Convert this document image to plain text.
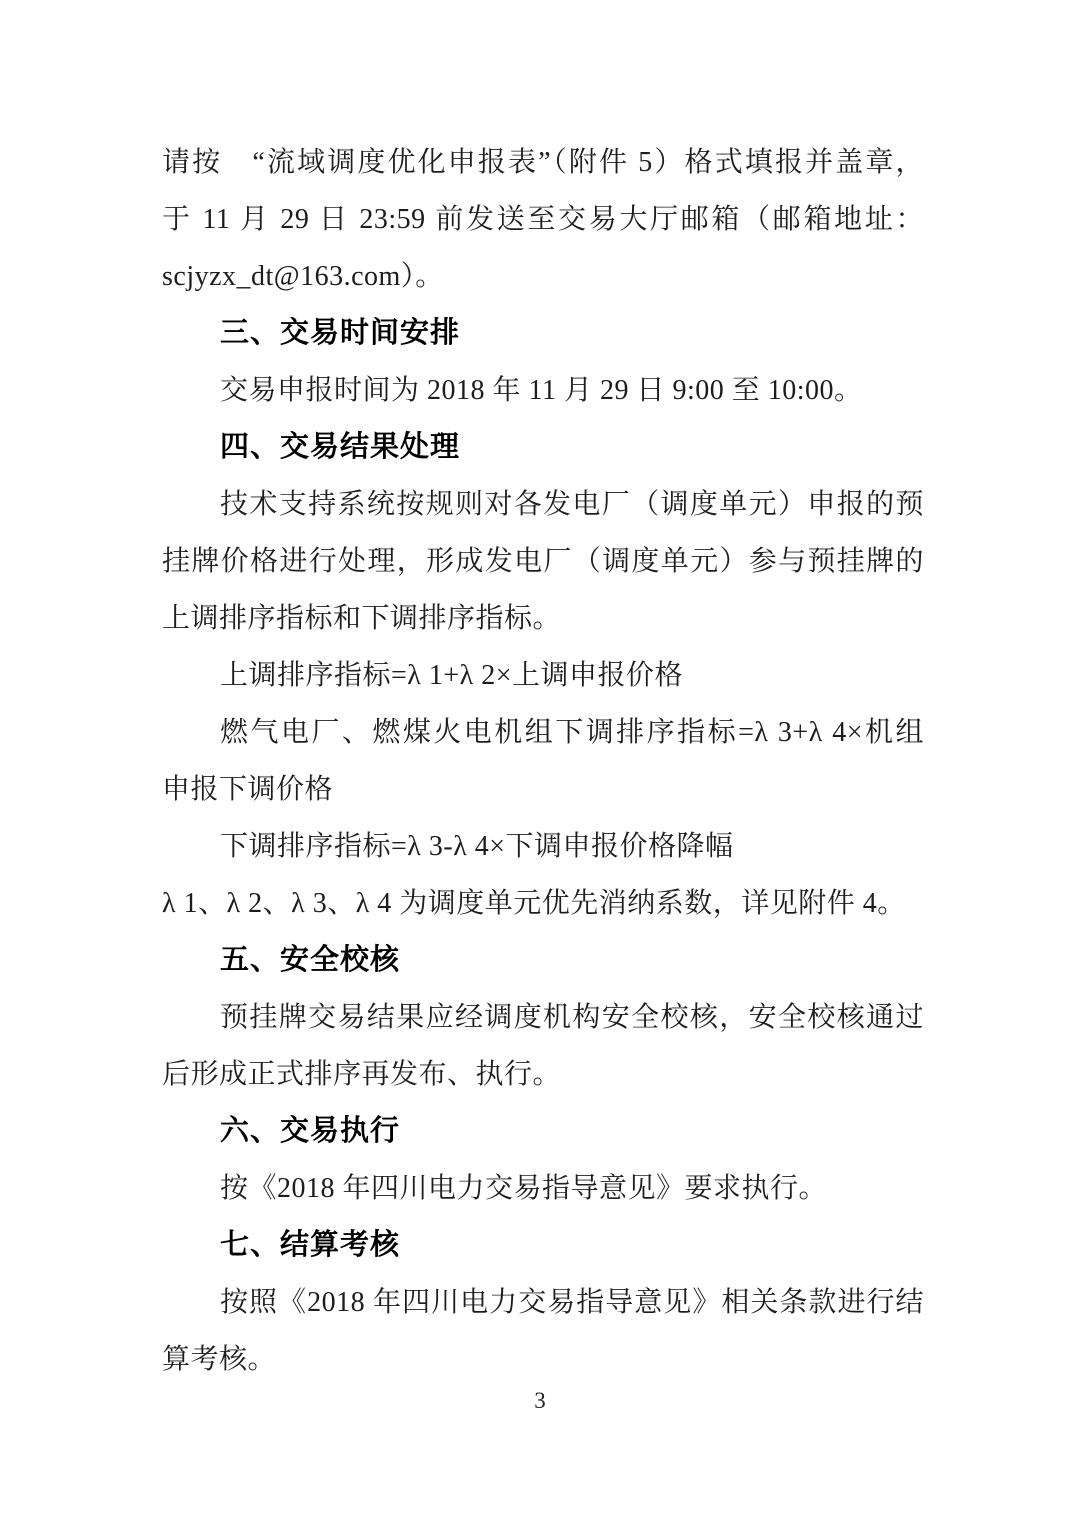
请按　“流域调度优化申报表”（附件 5）格式填报并盖章，
于 11 月 29 日 23:59 前发送至交易大厅邮箱（邮箱地址：
scjyzx_dt@163.com）。
三、交易时间安排
交易申报时间为 2018 年 11 月 29 日 9:00 至 10:00。
四、交易结果处理
技术支持系统按规则对各发电厂（调度单元）申报的预
挂牌价格进行处理，形成发电厂（调度单元）参与预挂牌的
上调排序指标和下调排序指标。
上调排序指标=λ 1+λ 2×上调申报价格
燃气电厂、燃煤火电机组下调排序指标=λ 3+λ 4×机组
申报下调价格
下调排序指标=λ 3-λ 4×下调申报价格降幅
λ 1、λ 2、λ 3、λ 4 为调度单元优先消纳系数，详见附件 4。
五、安全校核
预挂牌交易结果应经调度机构安全校核，安全校核通过
后形成正式排序再发布、执行。
六、交易执行
按《2018 年四川电力交易指导意见》要求执行。
七、结算考核
按照《2018 年四川电力交易指导意见》相关条款进行结
算考核。
3
